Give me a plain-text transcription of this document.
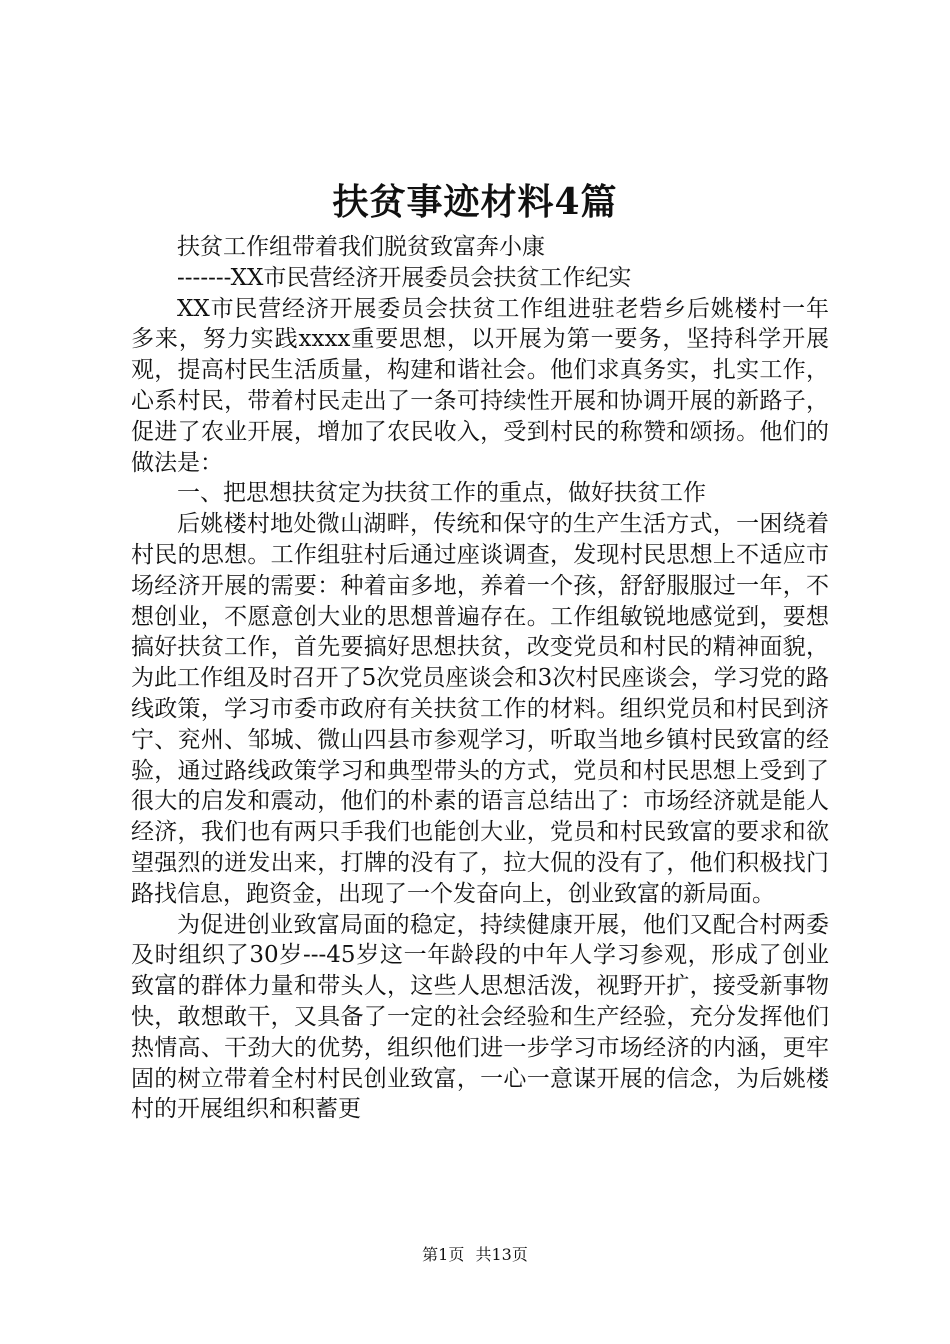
扶贫事迹材料4篇

扶贫工作组带着我们脱贫致富奔小康

-------XX市民营经济开展委员会扶贫工作纪实

XX市民营经济开展委员会扶贫工作组进驻老砦乡后姚楼村一年多来，努力实践xxxx重要思想，以开展为第一要务，坚持科学开展观，提高村民生活质量，构建和谐社会。他们求真务实，扎实工作，心系村民，带着村民走出了一条可持续性开展和协调开展的新路子，促进了农业开展，增加了农民收入，受到村民的称赞和颂扬。他们的做法是：

一、把思想扶贫定为扶贫工作的重点，做好扶贫工作

后姚楼村地处微山湖畔，传统和保守的生产生活方式，一困绕着村民的思想。工作组驻村后通过座谈调查，发现村民思想上不适应市场经济开展的需要：种着亩多地，养着一个孩，舒舒服服过一年，不想创业，不愿意创大业的思想普遍存在。工作组敏锐地感觉到，要想搞好扶贫工作，首先要搞好思想扶贫，改变党员和村民的精神面貌，为此工作组及时召开了5次党员座谈会和3次村民座谈会，学习党的路线政策，学习市委市政府有关扶贫工作的材料。组织党员和村民到济宁、兖州、邹城、微山四县市参观学习，听取当地乡镇村民致富的经验，通过路线政策学习和典型带头的方式，党员和村民思想上受到了很大的启发和震动，他们的朴素的语言总结出了：市场经济就是能人经济，我们也有两只手我们也能创大业，党员和村民致富的要求和欲望强烈的迸发出来，打牌的没有了，拉大侃的没有了，他们积极找门路找信息，跑资金，出现了一个发奋向上，创业致富的新局面。

为促进创业致富局面的稳定，持续健康开展，他们又配合村两委及时组织了30岁---45岁这一年龄段的中年人学习参观，形成了创业致富的群体力量和带头人，这些人思想活泼，视野开扩，接受新事物快，敢想敢干，又具备了一定的社会经验和生产经验，充分发挥他们热情高、干劲大的优势，组织他们进一步学习市场经济的内涵，更牢固的树立带着全村村民创业致富，一心一意谋开展的信念，为后姚楼村的开展组织和积蓄更

第1页 共13页
